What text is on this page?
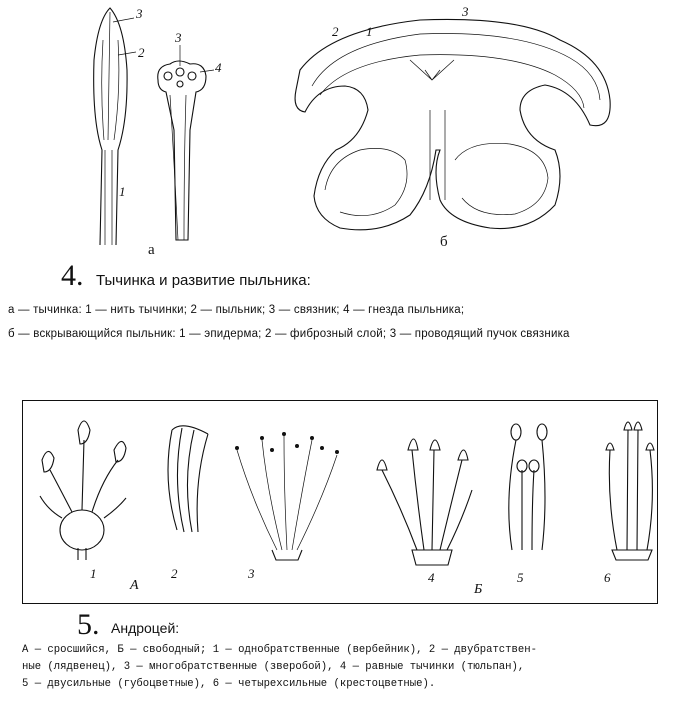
3
2
1
3
4
а
3
2 1
б
4. Тычинка и развитие пыльника:
а — тычинка: 1 — нить тычинки; 2 — пыльник; 3 — связник; 4 — гнезда пыльника;
б — вскрывающийся пыльник: 1 — эпидерма; 2 — фиброзный слой; 3 — проводящий пучок связника
1	2	3	4	5	6
А	Б
5. Андроцей:
А — сросшийся, Б — свободный; 1 — однобратственные (вербейник), 2 — двубратствен-
ные (лядвенец), 3 — многобратственные (зверобой), 4 — равные тычинки (тюльпан),
5 — двусильные (губоцветные), 6 — четырехсильные (крестоцветные).
